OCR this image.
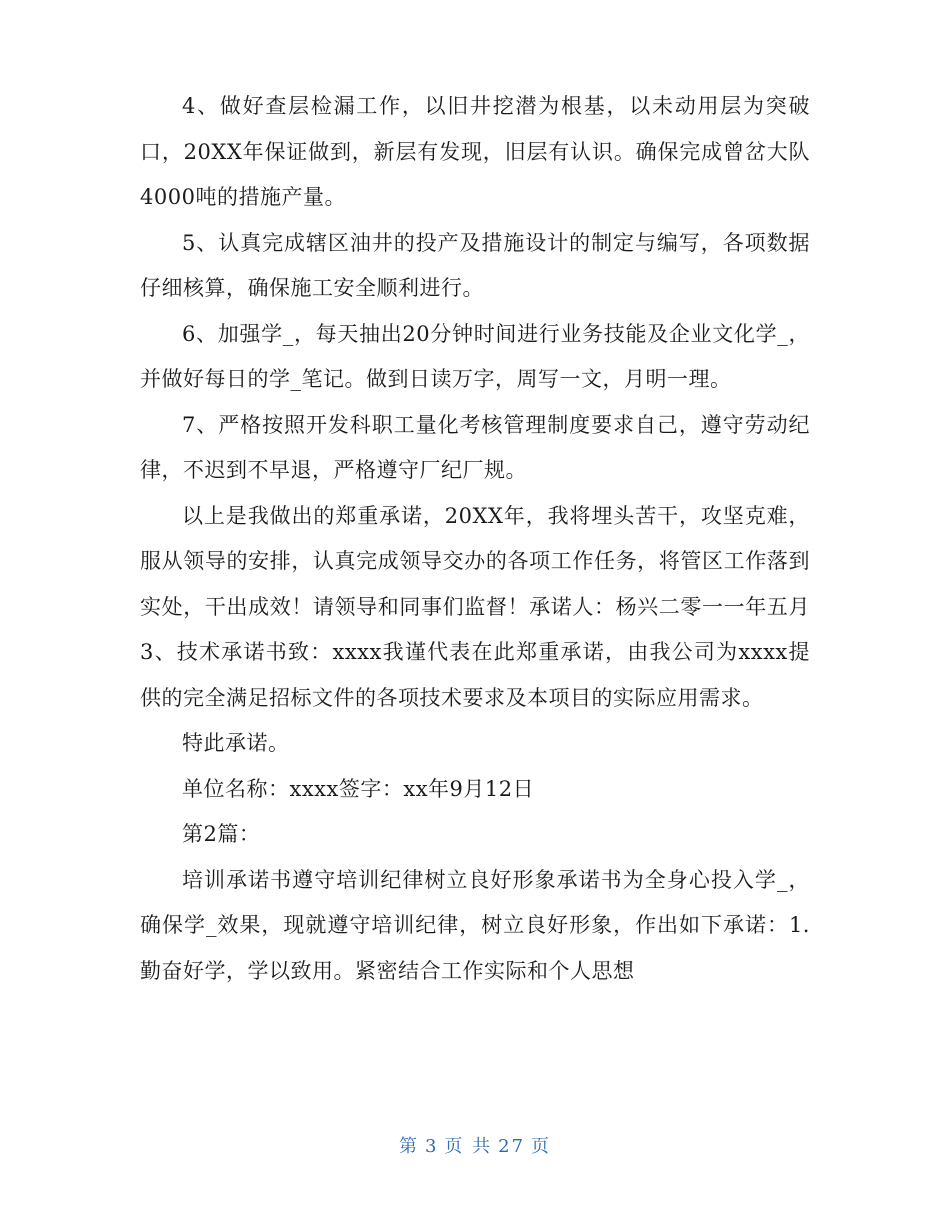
4、做好查层检漏工作，以旧井挖潜为根基，以未动用层为突破口，20XX年保证做到，新层有发现，旧层有认识。确保完成曾岔大队4000吨的措施产量。

5、认真完成辖区油井的投产及措施设计的制定与编写，各项数据仔细核算，确保施工安全顺利进行。

6、加强学_，每天抽出20分钟时间进行业务技能及企业文化学_，并做好每日的学_笔记。做到日读万字，周写一文，月明一理。

7、严格按照开发科职工量化考核管理制度要求自己，遵守劳动纪律，不迟到不早退，严格遵守厂纪厂规。

以上是我做出的郑重承诺，20XX年，我将埋头苦干，攻坚克难，服从领导的安排，认真完成领导交办的各项工作任务，将管区工作落到实处，干出成效！请领导和同事们监督！承诺人：杨兴二零一一年五月3、技术承诺书致：xxxx我谨代表在此郑重承诺，由我公司为xxxx提供的完全满足招标文件的各项技术要求及本项目的实际应用需求。

特此承诺。

单位名称：xxxx签字：xx年9月12日

第2篇：

培训承诺书遵守培训纪律树立良好形象承诺书为全身心投入学_，确保学_效果，现就遵守培训纪律，树立良好形象，作出如下承诺：1.勤奋好学，学以致用。紧密结合工作实际和个人思想

第 3 页 共 27 页
